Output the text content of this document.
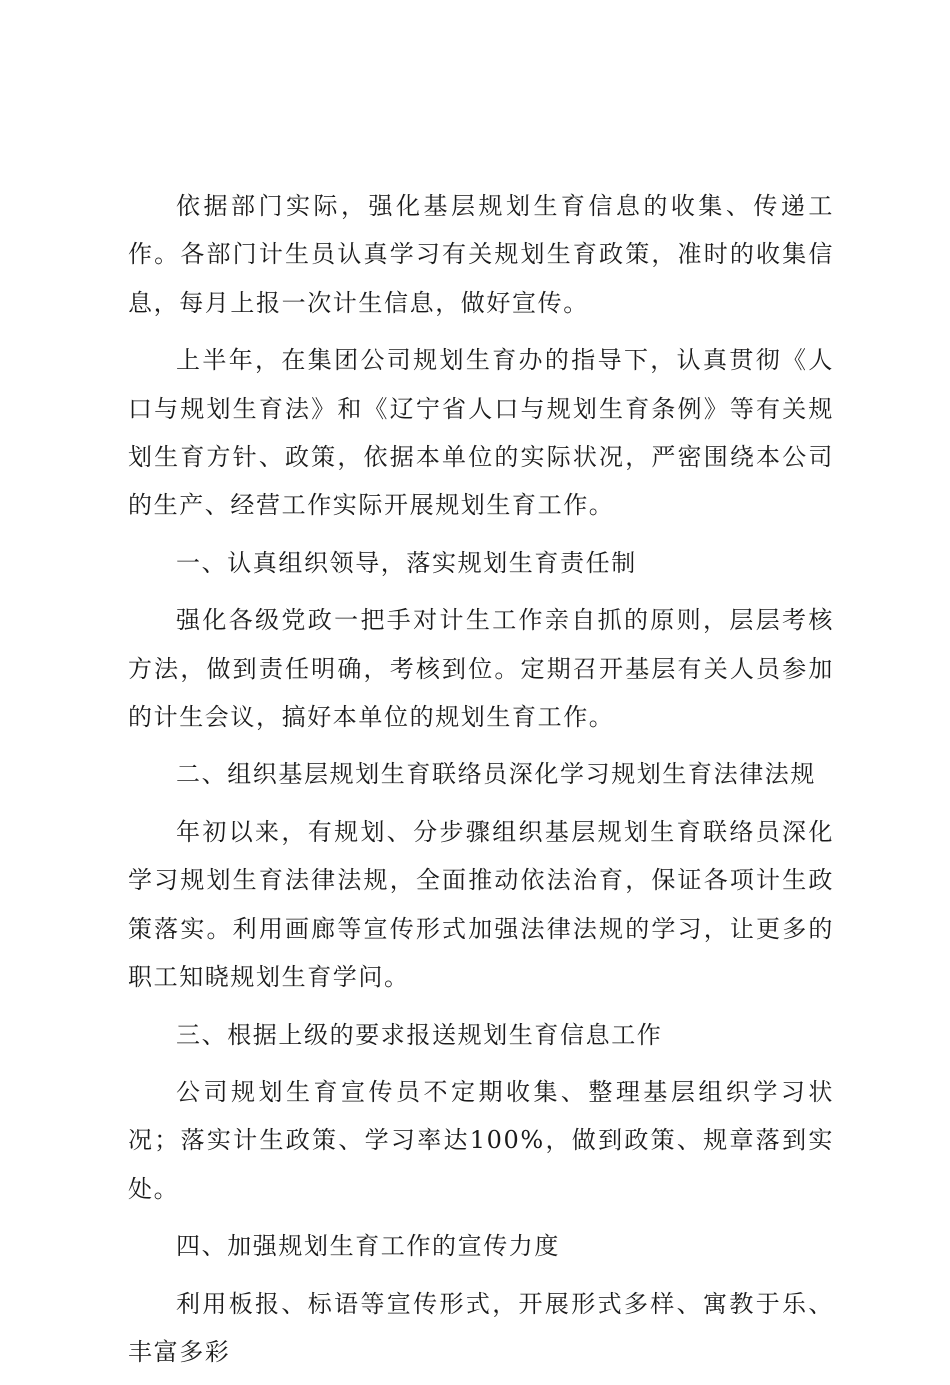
依据部门实际，强化基层规划生育信息的收集、传递工作。各部门计生员认真学习有关规划生育政策，准时的收集信息，每月上报一次计生信息，做好宣传。

上半年，在集团公司规划生育办的指导下，认真贯彻《人口与规划生育法》和《辽宁省人口与规划生育条例》等有关规划生育方针、政策，依据本单位的实际状况，严密围绕本公司的生产、经营工作实际开展规划生育工作。

一、认真组织领导，落实规划生育责任制

强化各级党政一把手对计生工作亲自抓的原则，层层考核方法，做到责任明确，考核到位。定期召开基层有关人员参加的计生会议，搞好本单位的规划生育工作。

二、组织基层规划生育联络员深化学习规划生育法律法规

年初以来，有规划、分步骤组织基层规划生育联络员深化学习规划生育法律法规，全面推动依法治育，保证各项计生政策落实。利用画廊等宣传形式加强法律法规的学习，让更多的职工知晓规划生育学问。

三、根据上级的要求报送规划生育信息工作

公司规划生育宣传员不定期收集、整理基层组织学习状况；落实计生政策、学习率达100%，做到政策、规章落到实处。

四、加强规划生育工作的宣传力度

利用板报、标语等宣传形式，开展形式多样、寓教于乐、丰富多彩
